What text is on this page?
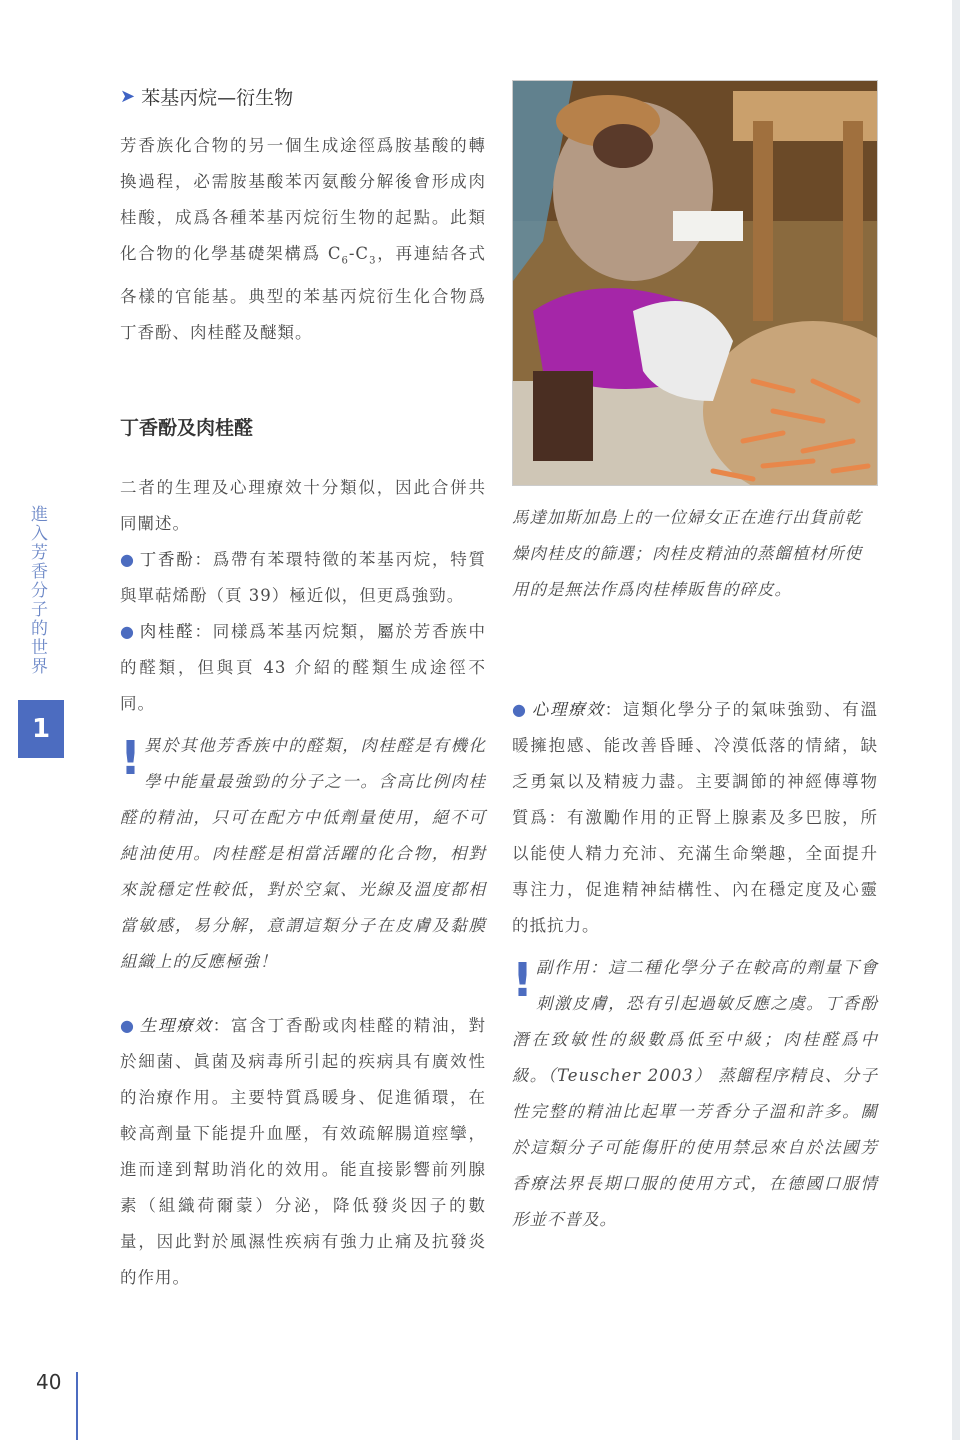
進入芳香分子的世界
1
➤ 苯基丙烷—衍生物

芳香族化合物的另一個生成途徑爲胺基酸的轉換過程，必需胺基酸苯丙氨酸分解後會形成肉桂酸，成爲各種苯基丙烷衍生物的起點。此類化合物的化學基礎架構爲 $C_6-C_3$，再連結各式各樣的官能基。典型的苯基丙烷衍生化合物爲丁香酚、肉桂醛及醚類。

丁香酚及肉桂醛

二者的生理及心理療效十分類似，因此合併共同闡述。

● 丁香酚：爲帶有苯環特徵的苯基丙烷，特質與單萜烯酚（頁 39）極近似，但更爲強勁。

● 肉桂醛：同樣爲苯基丙烷類，屬於芳香族中的醛類，但與頁 43 介紹的醛類生成途徑不同。

! 異於其他芳香族中的醛類，肉桂醛是有機化學中能量最強勁的分子之一。含高比例肉桂醛的精油，只可在配方中低劑量使用，絕不可純油使用。肉桂醛是相當活躍的化合物，相對來說穩定性較低，對於空氣、光線及溫度都相當敏感，易分解，意謂這類分子在皮膚及黏膜組織上的反應極強！

● 生理療效：富含丁香酚或肉桂醛的精油，對於細菌、眞菌及病毒所引起的疾病具有廣效性的治療作用。主要特質爲暖身、促進循環，在較高劑量下能提升血壓，有效疏解腸道痙攣，進而達到幫助消化的效用。能直接影響前列腺素（組織荷爾蒙）分泌，降低發炎因子的數量，因此對於風濕性疾病有強力止痛及抗發炎的作用。

馬達加斯加島上的一位婦女正在進行出貨前乾燥肉桂皮的篩選；肉桂皮精油的蒸餾植材所使用的是無法作爲肉桂棒販售的碎皮。

● 心理療效：這類化學分子的氣味強勁、有溫暖擁抱感、能改善昏睡、冷漠低落的情緒，缺乏勇氣以及精疲力盡。主要調節的神經傳導物質爲：有激勵作用的正腎上腺素及多巴胺，所以能使人精力充沛、充滿生命樂趣，全面提升專注力，促進精神結構性、內在穩定度及心靈的抵抗力。

! 副作用：這二種化學分子在較高的劑量下會刺激皮膚，恐有引起過敏反應之虞。丁香酚潛在致敏性的級數爲低至中級；肉桂醛爲中級。（Teuscher 2003） 蒸餾程序精良、分子性完整的精油比起單一芳香分子溫和許多。關於這類分子可能傷肝的使用禁忌來自於法國芳香療法界長期口服的使用方式，在德國口服情形並不普及。

40
